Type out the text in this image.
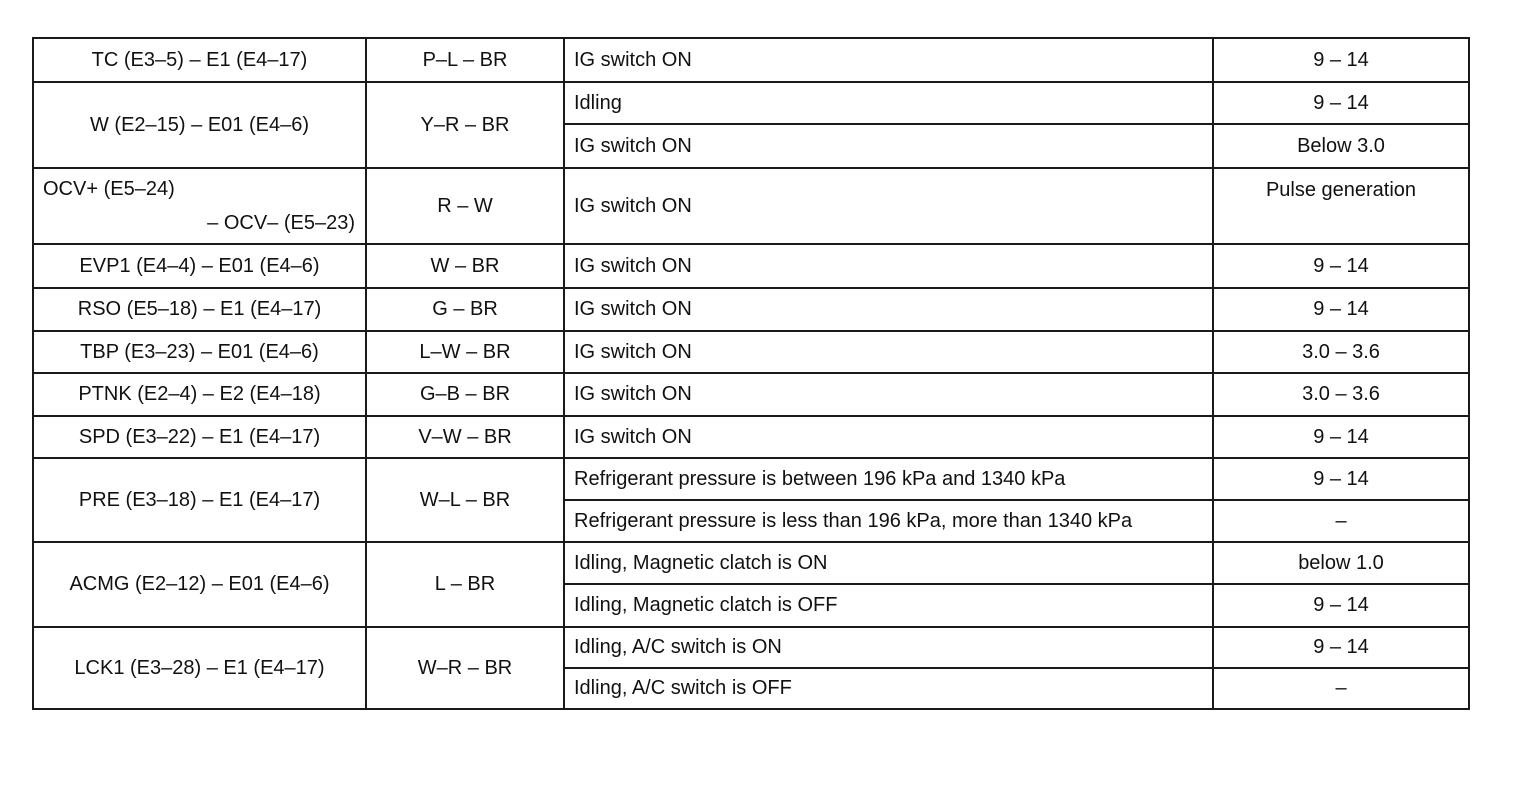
TC (E3–5) – E1 (E4–17)	P–L – BR	IG switch ON	9 – 14
W (E2–15) – E01 (E4–6)	Y–R – BR	Idling	9 – 14
		IG switch ON	Below 3.0

OCV+ (E5–24)
– OCV– (E5–23)	R – W	IG switch ON	Pulse generation
EVP1 (E4–4) – E01 (E4–6)	W – BR	IG switch ON	9 – 14
RSO (E5–18) – E1 (E4–17)	G – BR	IG switch ON	9 – 14
TBP (E3–23) – E01 (E4–6)	L–W – BR	IG switch ON	3.0 – 3.6
PTNK (E2–4) – E2 (E4–18)	G–B – BR	IG switch ON	3.0 – 3.6
SPD (E3–22) – E1 (E4–17)	V–W – BR	IG switch ON	9 – 14
PRE (E3–18) – E1 (E4–17)	W–L – BR	Refrigerant pressure is between 196 kPa and 1340 kPa	9 – 14
		Refrigerant pressure is less than 196 kPa, more than 1340 kPa	–
ACMG (E2–12) – E01 (E4–6)	L – BR	Idling, Magnetic clatch is ON	below 1.0
		Idling, Magnetic clatch is OFF	9 – 14
LCK1 (E3–28) – E1 (E4–17)	W–R – BR	Idling, A/C switch is ON	9 – 14
		Idling, A/C switch is OFF	–
